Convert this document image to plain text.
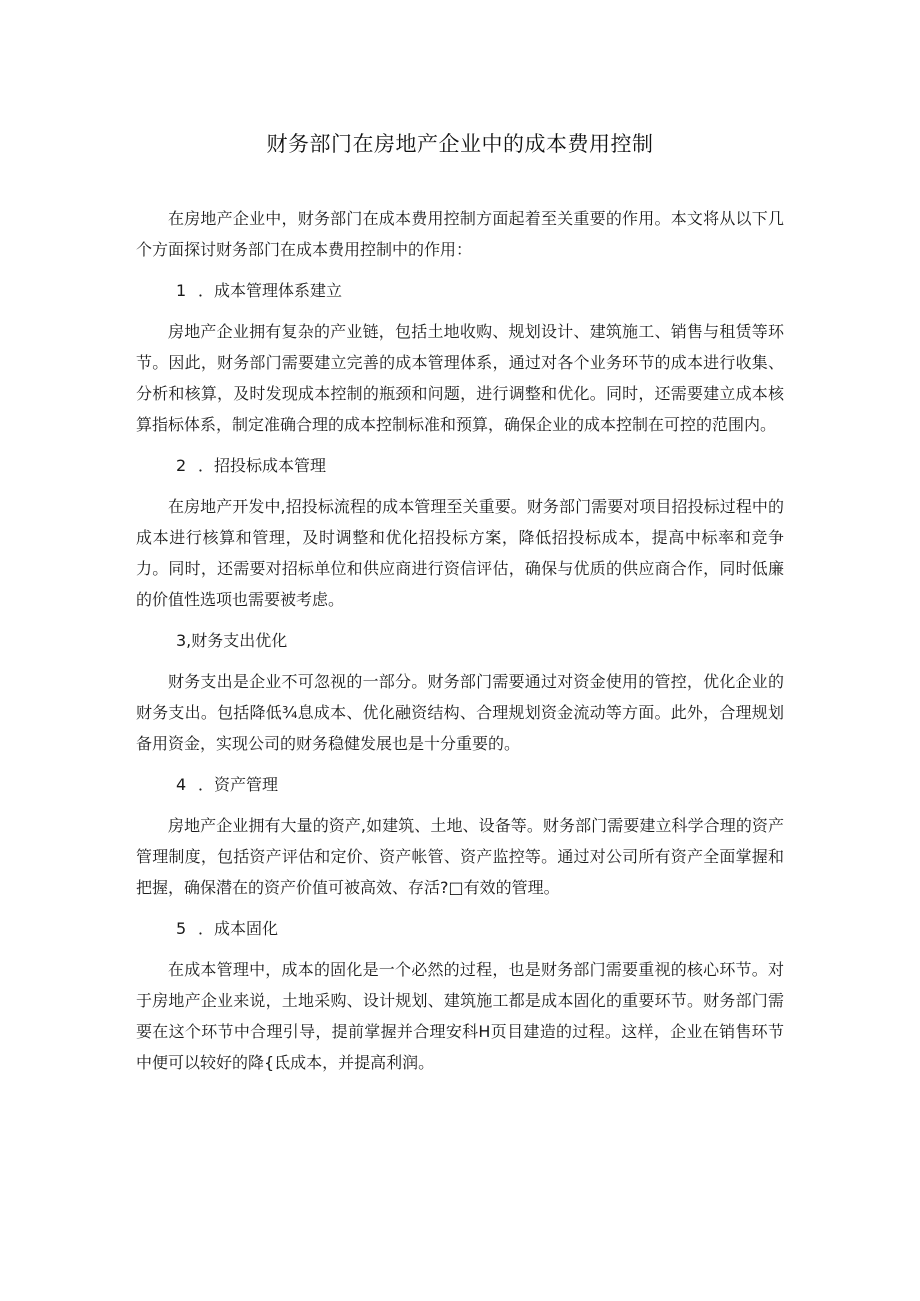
财务部门在房地产企业中的成本费用控制

在房地产企业中，财务部门在成本费用控制方面起着至关重要的作用。本文将从以下几个方面探讨财务部门在成本费用控制中的作用：

1 ．成本管理体系建立

房地产企业拥有复杂的产业链，包括土地收购、规划设计、建筑施工、销售与租赁等环节。因此，财务部门需要建立完善的成本管理体系，通过对各个业务环节的成本进行收集、分析和核算，及时发现成本控制的瓶颈和问题，进行调整和优化。同时，还需要建立成本核算指标体系，制定准确合理的成本控制标准和预算，确保企业的成本控制在可控的范围内。

2 ．招投标成本管理

在房地产开发中,招投标流程的成本管理至关重要。财务部门需要对项目招投标过程中的成本进行核算和管理，及时调整和优化招投标方案，降低招投标成本，提高中标率和竞争力。同时，还需要对招标单位和供应商进行资信评估，确保与优质的供应商合作，同时低廉的价值性选项也需要被考虑。

3,财务支出优化

财务支出是企业不可忽视的一部分。财务部门需要通过对资金使用的管控，优化企业的财务支出。包括降低¾息成本、优化融资结构、合理规划资金流动等方面。此外，合理规划备用资金，实现公司的财务稳健发展也是十分重要的。

4 ．资产管理

房地产企业拥有大量的资产,如建筑、土地、设备等。财务部门需要建立科学合理的资产管理制度，包括资产评估和定价、资产帐管、资产监控等。通过对公司所有资产全面掌握和把握，确保潜在的资产价值可被高效、存活?□有效的管理。

5 ．成本固化

在成本管理中，成本的固化是一个必然的过程，也是财务部门需要重视的核心环节。对于房地产企业来说，土地采购、设计规划、建筑施工都是成本固化的重要环节。财务部门需要在这个环节中合理引导，提前掌握并合理安科H页目建造的过程。这样，企业在销售环节中便可以较好的降{氐成本，并提高利润。
